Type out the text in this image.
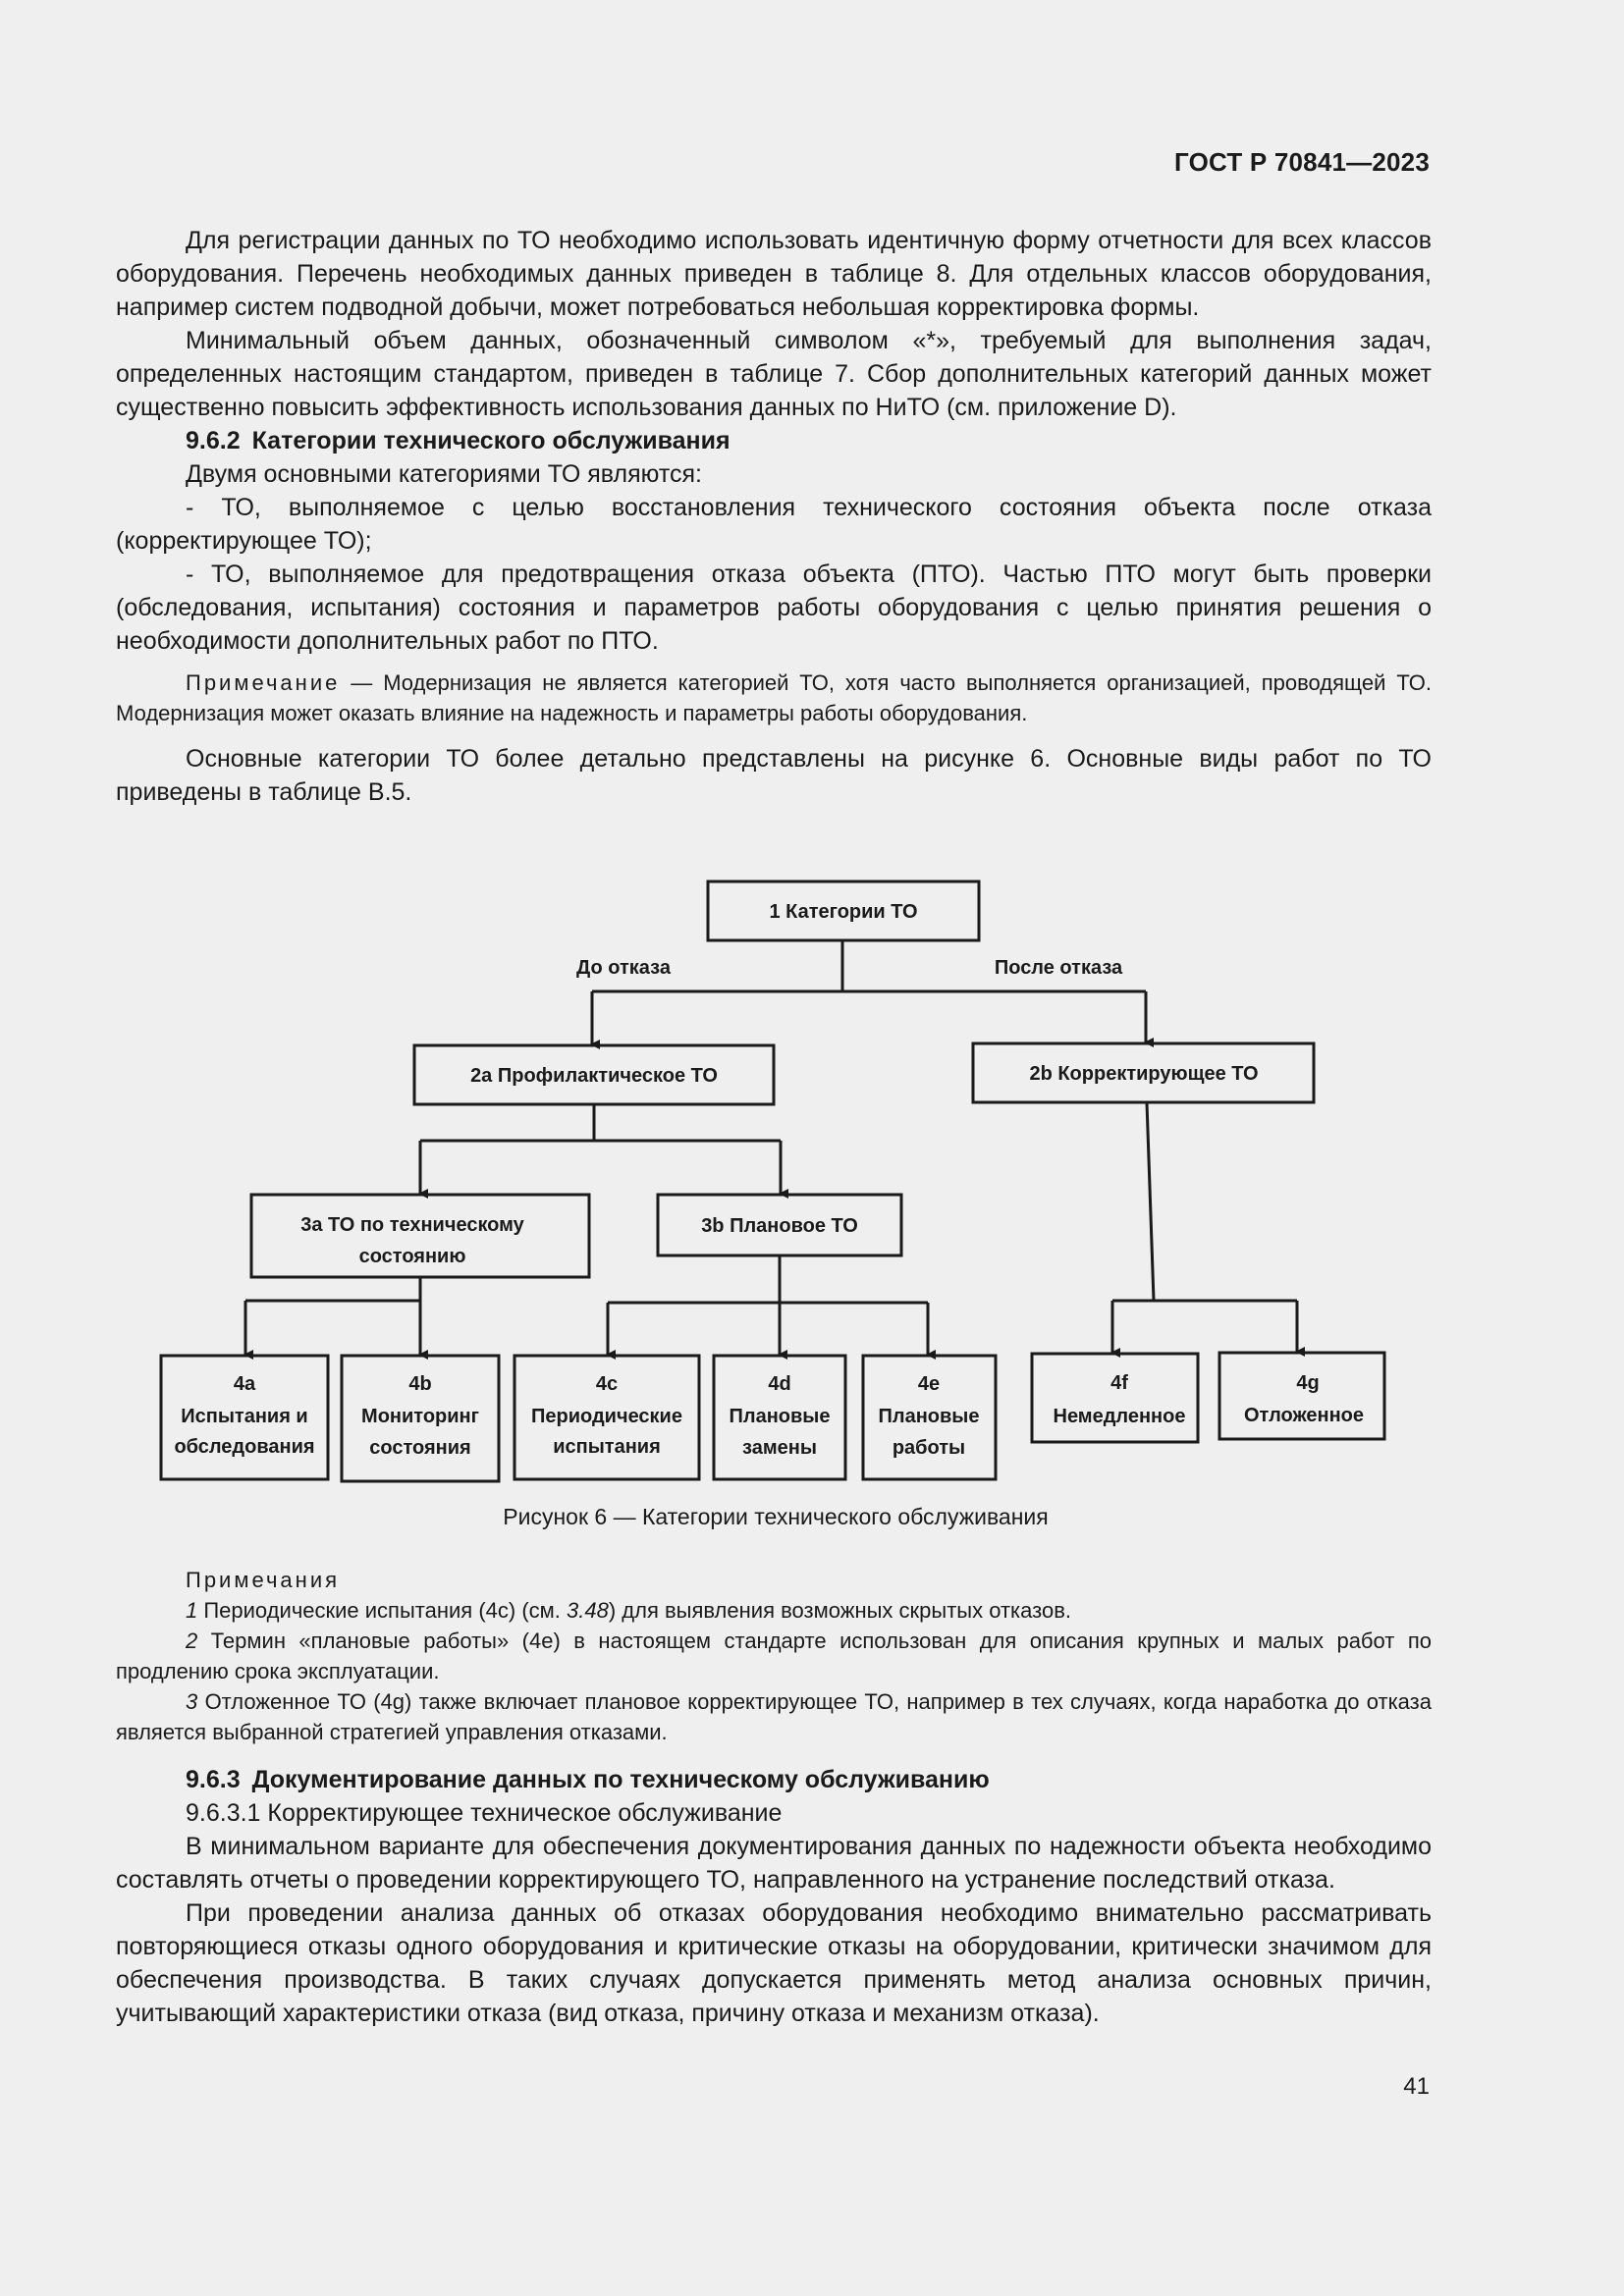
ГОСТ Р 70841—2023

Для регистрации данных по ТО необходимо использовать идентичную форму отчетности для всех классов оборудования. Перечень необходимых данных приведен в таблице 8. Для отдельных классов оборудования, например систем подводной добычи, может потребоваться небольшая корректировка формы.

Минимальный объем данных, обозначенный символом «*», требуемый для выполнения задач, определенных настоящим стандартом, приведен в таблице 7. Сбор дополнительных категорий данных может существенно повысить эффективность использования данных по НиТО (см. приложение D).

9.6.2 Категории технического обслуживания

Двумя основными категориями ТО являются:

- ТО, выполняемое с целью восстановления технического состояния объекта после отказа (корректирующее ТО);

- ТО, выполняемое для предотвращения отказа объекта (ПТО). Частью ПТО могут быть проверки (обследования, испытания) состояния и параметров работы оборудования с целью принятия решения о необходимости дополнительных работ по ПТО.

Примечание — Модернизация не является категорией ТО, хотя часто выполняется организацией, проводящей ТО. Модернизация может оказать влияние на надежность и параметры работы оборудования.

Основные категории ТО более детально представлены на рисунке 6. Основные виды работ по ТО приведены в таблице В.5.

1 Категории ТО
До отказа	После отказа
2a Профилактическое ТО	2b Корректирующее ТО
3a ТО по техническому
состоянию
3b Плановое ТО
4a
Испытания и
обследования
4b
Мониторинг
состояния
4c
Периодические
испытания
4d
Плановые
замены
4e
Плановые
работы
4f
Немедленное
4g
Отложенное
Рисунок 6 — Категории технического обслуживания

Примечания

1 Периодические испытания (4c) (см. 3.48) для выявления возможных скрытых отказов.

2 Термин «плановые работы» (4e) в настоящем стандарте использован для описания крупных и малых работ по продлению срока эксплуатации.

3 Отложенное ТО (4g) также включает плановое корректирующее ТО, например в тех случаях, когда наработка до отказа является выбранной стратегией управления отказами.

9.6.3 Документирование данных по техническому обслуживанию

9.6.3.1 Корректирующее техническое обслуживание

В минимальном варианте для обеспечения документирования данных по надежности объекта необходимо составлять отчеты о проведении корректирующего ТО, направленного на устранение последствий отказа.

При проведении анализа данных об отказах оборудования необходимо внимательно рассматривать повторяющиеся отказы одного оборудования и критические отказы на оборудовании, критически значимом для обеспечения производства. В таких случаях допускается применять метод анализа основных причин, учитывающий характеристики отказа (вид отказа, причину отказа и механизм отказа).

41
